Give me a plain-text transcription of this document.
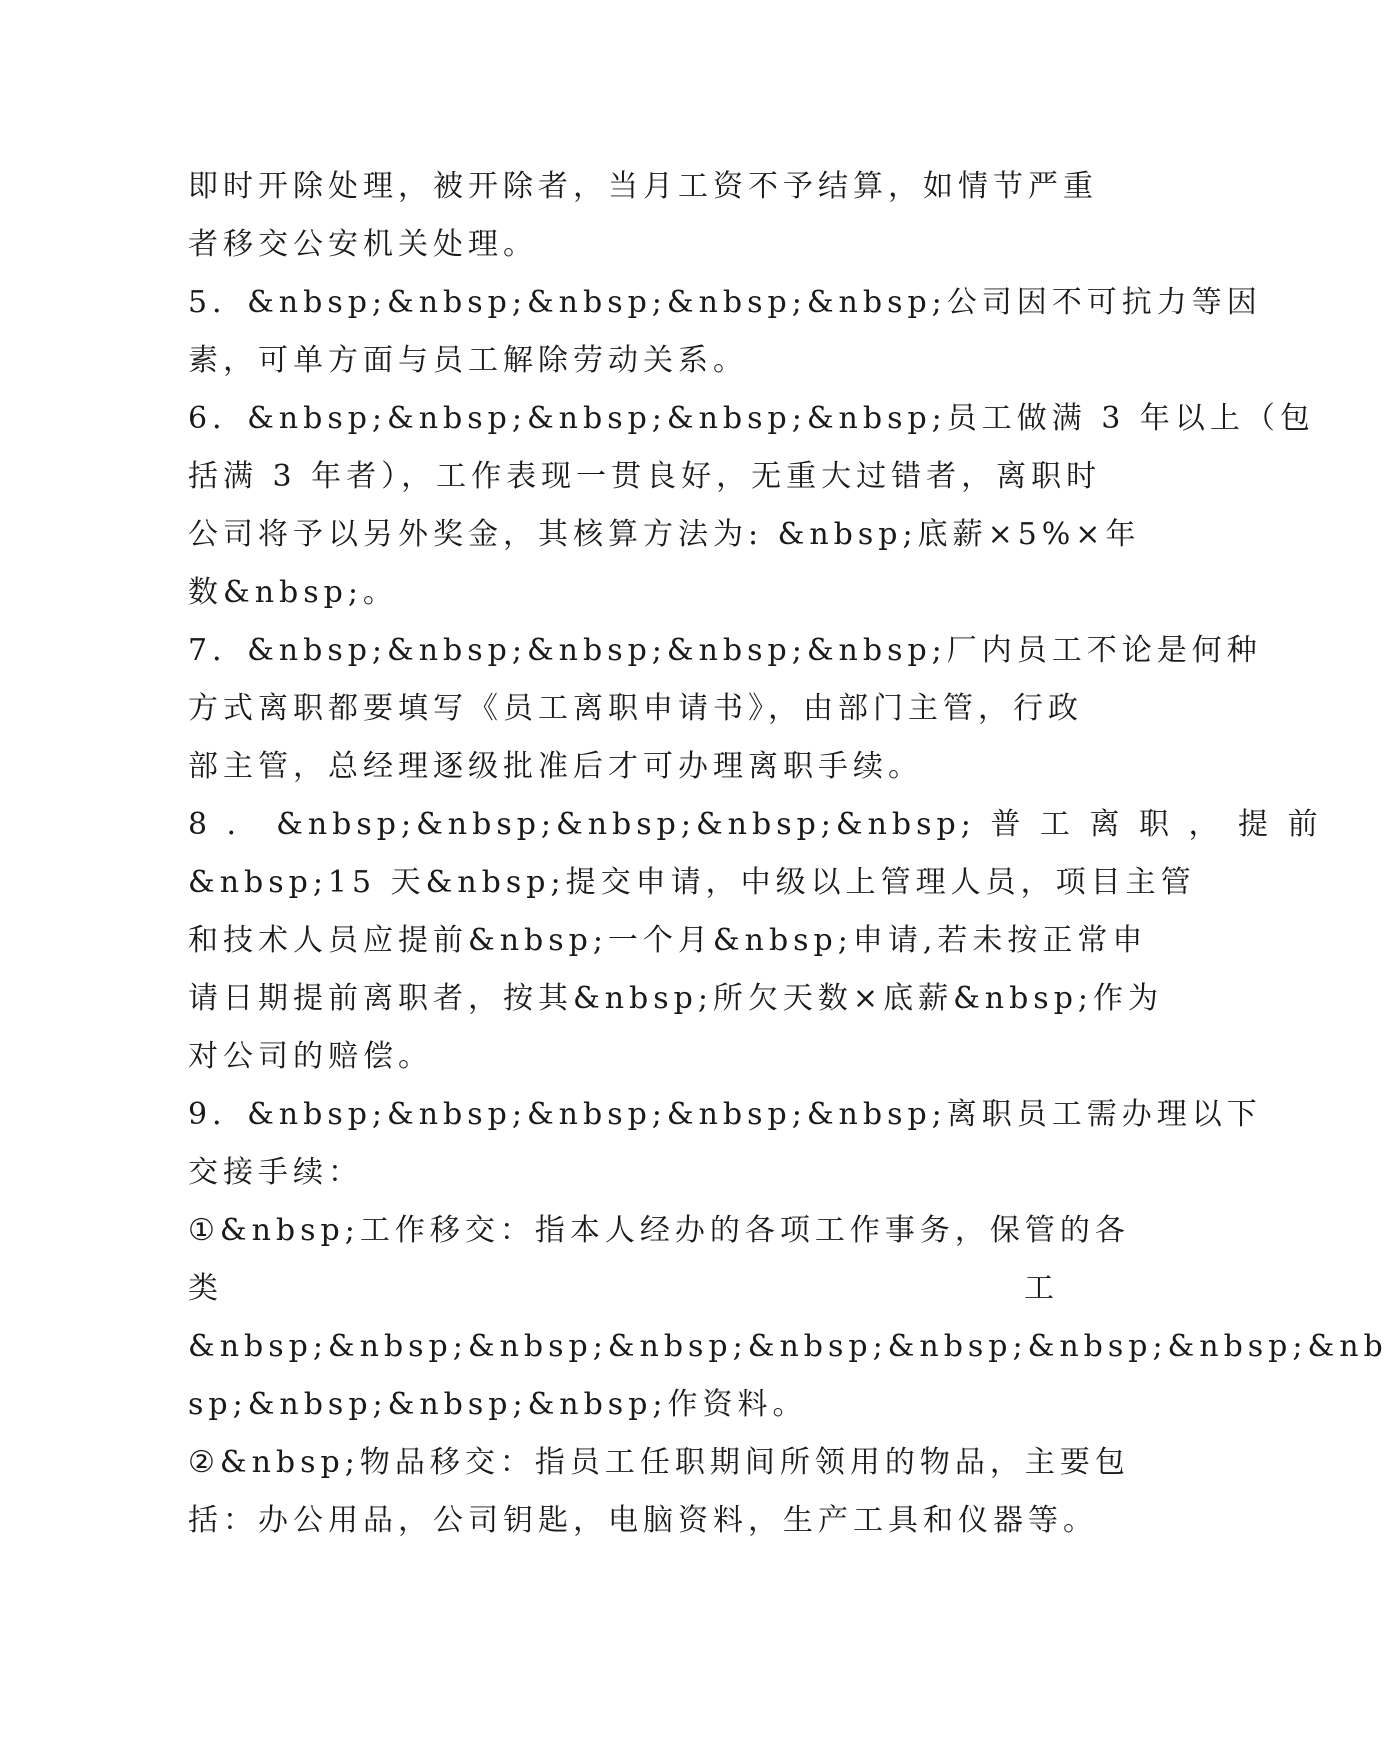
即时开除处理，被开除者，当月工资不予结算，如情节严重
者移交公安机关处理。
5．&nbsp;&nbsp;&nbsp;&nbsp;&nbsp;公司因不可抗力等因
素，可单方面与员工解除劳动关系。
6．&nbsp;&nbsp;&nbsp;&nbsp;&nbsp;员工做满 3 年以上（包
括满 3 年者），工作表现一贯良好，无重大过错者，离职时
公司将予以另外奖金，其核算方法为: &nbsp;底薪×5%×年
数&nbsp;。
7．&nbsp;&nbsp;&nbsp;&nbsp;&nbsp;厂内员工不论是何种
方式离职都要填写《员工离职申请书》，由部门主管，行政
部主管，总经理逐级批准后才可办理离职手续。
8 ． &nbsp;&nbsp;&nbsp;&nbsp;&nbsp; 普 工 离 职 ， 提 前
&nbsp;15 天&nbsp;提交申请，中级以上管理人员，项目主管
和技术人员应提前&nbsp;一个月&nbsp;申请,若未按正常申
请日期提前离职者，按其&nbsp;所欠天数×底薪&nbsp;作为
对公司的赔偿。
9．&nbsp;&nbsp;&nbsp;&nbsp;&nbsp;离职员工需办理以下
交接手续：
①&nbsp;工作移交：指本人经办的各项工作事务，保管的各
类	工
&nbsp;&nbsp;&nbsp;&nbsp;&nbsp;&nbsp;&nbsp;&nbsp;&nb
sp;&nbsp;&nbsp;&nbsp;作资料。
②&nbsp;物品移交：指员工任职期间所领用的物品，主要包
括：办公用品，公司钥匙，电脑资料，生产工具和仪器等。
